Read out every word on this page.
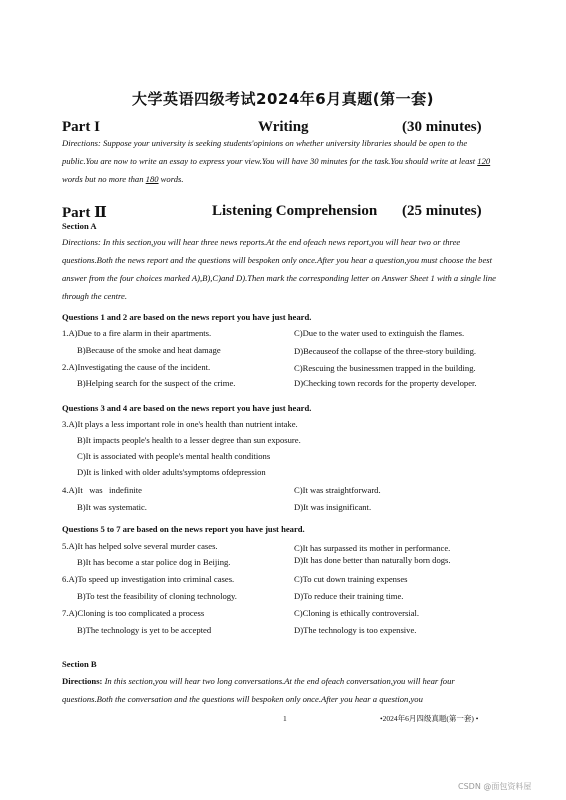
大学英语四级考试2024年6月真题(第一套)
Part I	Writing	(30 minutes)
Directions: Suppose your university is seeking students'opinions on whether university libraries should be open to the public.You are now to write an essay to express your view.You will have 30 minutes for the task.You should write at least 120 words but no more than 180 words.
Part Ⅱ	Listening Comprehension (25 minutes)
Section A
Directions: In this section,you will hear three news reports.At the end ofeach news report,you will hear two or three questions.Both the news report and the questions will bespoken only once.After you hear a question,you must choose the best answer from the four choices marked A),B),C)and D).Then mark the corresponding letter on Answer Sheet 1 with a single line through the centre.
Questions 1 and 2 are based on the news report you have just heard.
1.A)Due to a fire alarm in their apartments.	C)Due to the water used to extinguish the flames.
B)Because of the smoke and heat damage	D)Becauseof the collapse of the three-story building.
2.A)Investigating the cause of the incident.	C)Rescuing the businessmen trapped in the building.
B)Helping search for the suspect of the crime.	D)Checking town records for the property developer.
Questions 3 and 4 are based on the news report you have just heard.
3.A)It plays a less important role in one's health than nutrient intake.
B)It impacts people's health to a lesser degree than sun exposure.
C)It is associated with people's mental health conditions
D)It is linked with older adults'symptoms ofdepression
4.A)It   was   indefinite	C)It was straightforward.
B)It was systematic.	D)It was insignificant.
Questions 5 to 7 are based on the news report you have just heard.
5.A)It has helped solve several murder cases.	C)It has surpassed its mother in performance.
B)It has become a star police dog in Beijing.	D)It has done better than naturally born dogs.
6.A)To speed up investigation into criminal cases.	C)To cut down training expenses
B)To test the feasibility of cloning technology.	D)To reduce their training time.
7.A)Cloning is too complicated a process	C)Cloning is ethically controversial.
B)The technology is yet to be accepted	D)The technology is too expensive.
Section B
Directions: In this section,you will hear two long conversations.At the end ofeach conversation,you will hear four questions.Both the conversation and the questions will bespoken only once.After you hear a question,you
1	•2024年6月四级真题(第一套) •
CSDN @面包资料屋
